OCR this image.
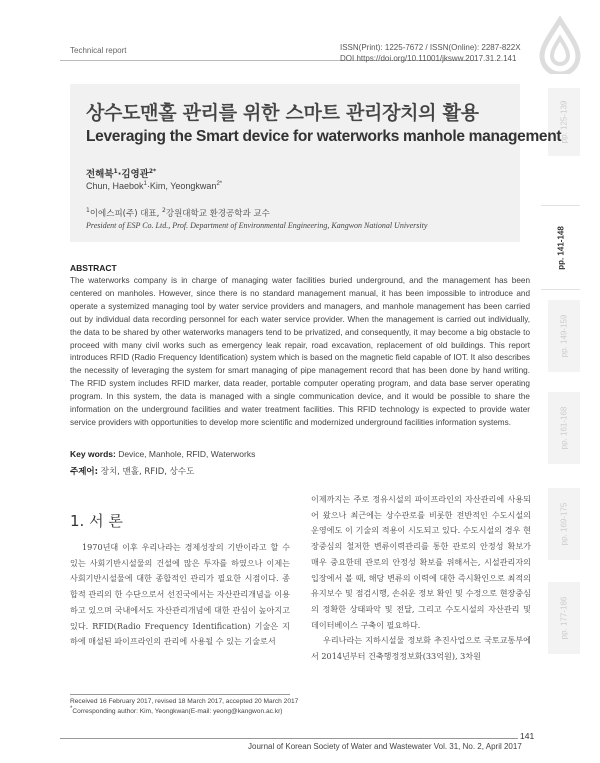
Technical report	ISSN(Print): 1225-7672 / ISSN(Online): 2287-822X
DOI https://doi.org/10.11001/jksww.2017.31.2.141
pp. 125-139
pp. 141-148
pp. 149-159
pp. 161-168
pp. 169-175
pp. 177-186
상수도맨홀 관리를 위한 스마트 관리장치의 활용
Leveraging the Smart device for waterworks manhole management
전해북$^1$·김영관$^{2*}$
Chun, Haebok$^1$·Kim, Yeongkwan$^{2*}$
$^1$이에스피(주) 대표, $^2$강원대학교 환경공학과 교수
President of ESP Co. Ltd., Prof. Department of Environmental Engineering, Kangwon National University
ABSTRACT
The waterworks company is in charge of managing water facilities buried underground, and the management has been centered on manholes. However, since there is no standard management manual, it has been impossible to introduce and operate a systemized managing tool by water service providers and managers, and manhole management has been carried out by individual data recording personnel for each water service provider. When the management is carried out individually, the data to be shared by other waterworks managers tend to be privatized, and consequently, it may become a big obstacle to proceed with many civil works such as emergency leak repair, road excavation, replacement of old buildings. This report introduces RFID (Radio Frequency Identification) system which is based on the magnetic field capable of IOT. It also describes the necessity of leveraging the system for smart managing of pipe management record that has been done by hand writing. The RFID system includes RFID marker, data reader, portable computer operating program, and data base server operating program. In this system, the data is managed with a single communication device, and it would be possible to share the information on the underground facilities and water treatment facilities. This RFID technology is expected to provide water service providers with opportunities to develop more scientific and modernized underground facilities information systems.
Key words: Device, Manhole, RFID, Waterworks
주제어: 장치, 맨홀, RFID, 상수도
1. 서 론

1970년대 이후 우리나라는 경제성장의 기반이라고 할 수 있는 사회기반시설물의 건설에 많은 투자를 하였으나 이제는 사회기반시설물에 대한 종합적인 관리가 필요한 시점이다. 종합적 관리의 한 수단으로서 선진국에서는 자산관리개념을 이용하고 있으며 국내에서도 자산관리개념에 대한 관심이 높아지고 있다. RFID(Radio Frequency Identification) 기술은 지하에 매설된 파이프라인의 관리에 사용될 수 있는 기술로서

이제까지는 주로 정유시설의 파이프라인의 자산관리에 사용되어 왔으나 최근에는 상수관로를 비롯한 전반적인 수도시설의 운영에도 이 기술의 적용이 시도되고 있다. 수도시설의 경우 현장중심의 철저한 변류이력관리를 통한 관로의 안정성 확보가 매우 중요한데 관로의 안정성 확보를 위해서는, 시설관리자의 입장에서 볼 때, 해당 변류의 이력에 대한 즉시확인으로 최적의 유지보수 및 점검시행, 손쉬운 정보 확인 및 수정으로 현장중심의 정확한 상태파악 및 전달, 그리고 수도시설의 자산관리 및 데이터베이스 구축이 필요하다.

우리나라는 지하시설물 정보화 추진사업으로 국토교통부에서 2014년부터 건축행정정보화(33억원), 3차원

Received 16 February 2017, revised 18 March 2017, accepted 20 March 2017
*Corresponding author: Kim, Yeongkwan(E-mail: yeong@kangwon.ac.kr)
141
Journal of Korean Society of Water and Wastewater Vol. 31, No. 2, April 2017
